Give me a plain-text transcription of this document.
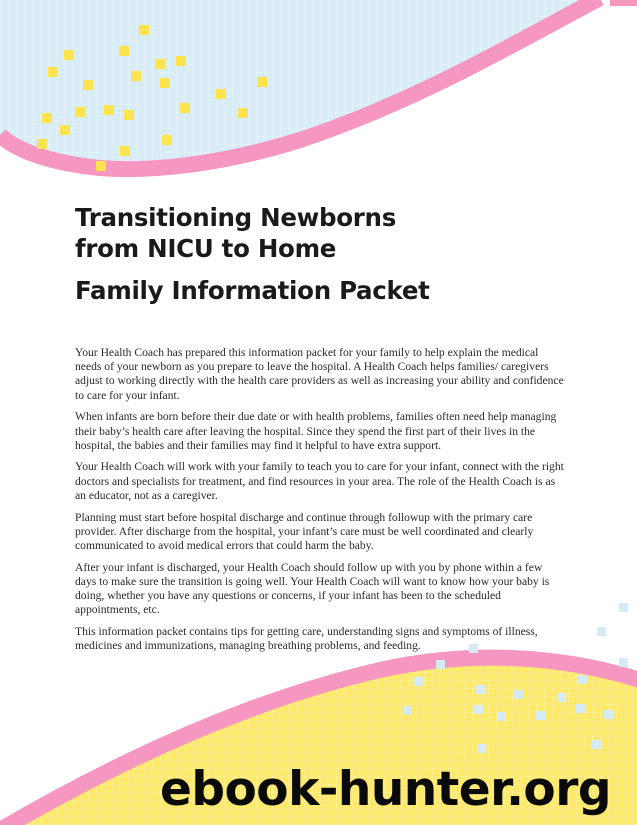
Transitioning Newborns
from NICU to Home
Family Information Packet

Your Health Coach has prepared this information packet for your family to help explain the medical needs of your newborn as you prepare to leave the hospital. A Health Coach helps families/ caregivers adjust to working directly with the health care providers as well as increasing your ability and confidence to care for your infant.

When infants are born before their due date or with health problems, families often need help managing their baby’s health care after leaving the hospital. Since they spend the first part of their lives in the hospital, the babies and their families may find it helpful to have extra support.

Your Health Coach will work with your family to teach you to care for your infant, connect with the right doctors and specialists for treatment, and find resources in your area. The role of the Health Coach is as an educator, not as a caregiver.

Planning must start before hospital discharge and continue through followup with the primary care provider. After discharge from the hospital, your infant’s care must be well coordinated and clearly communicated to avoid medical errors that could harm the baby.

After your infant is discharged, your Health Coach should follow up with you by phone within a few days to make sure the transition is going well. Your Health Coach will want to know how your baby is doing, whether you have any questions or concerns, if your infant has been to the scheduled appointments, etc.

This information packet contains tips for getting care, understanding signs and symptoms of illness, medicines and immunizations, managing breathing problems, and feeding.

ebook-hunter.org
